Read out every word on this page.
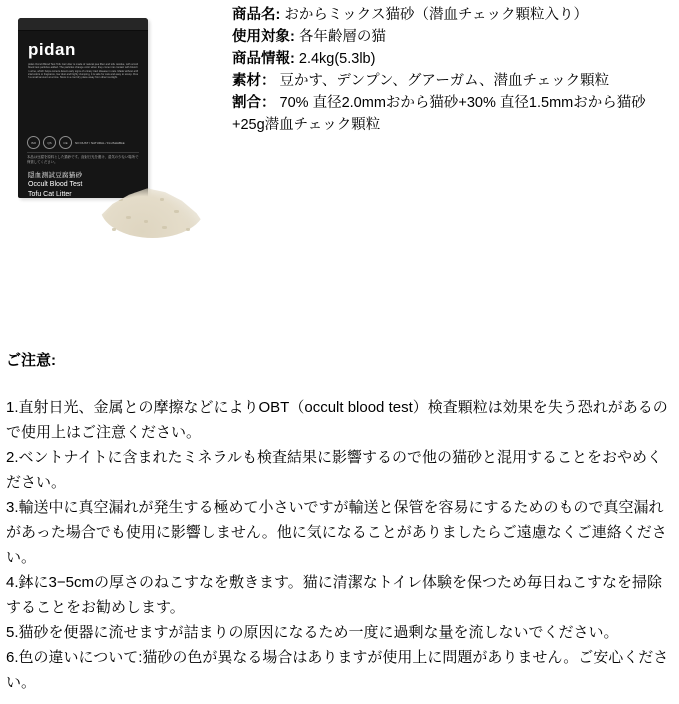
pidan
pidan Occult Blood Test Tofu Cat Litter is made of natural pea fiber and tofu residue, with occult blood test particles added. The particles change color when they come into contact with blood in urine, which helps owners detect early signs of urinary tract disease in cats. Made without artificial colors or fragrance, low dust and highly clumping, it is safe for cats and easy to scoop. Flush a small amount at a time. Store in a cool dry place away from direct sunlight.
ISO	QS	CE	NO DUST / NATURAL / FLUSHABLE
本品は豆腐を原料とした猫砂です。直射日光を避け、湿気の少ない場所で保管してください。
隠血測試豆腐猫砂
Occult Blood Test
Tofu Cat Litter
商品名: おからミックス猫砂（潜血チェック顆粒入り）
使用対象: 各年齢層の猫
商品情報: 2.4kg(5.3lb)
素材： 豆かす、デンプン、グアーガム、潜血チェック顆粒
割合： 70% 直径2.0mmおから猫砂+30% 直径1.5mmおから猫砂+25g潜血チェック顆粒
ご注意:
1.直射日光、金属との摩擦などによりOBT（occult blood test）検査顆粒は効果を失う恐れがあるので使用上はご注意ください。
2.ベントナイトに含まれたミネラルも検査結果に影響するので他の猫砂と混用することをおやめください。
3.輸送中に真空漏れが発生する極めて小さいですが輸送と保管を容易にするためのもので真空漏れがあった場合でも使用に影響しません。他に気になることがありましたらご遠慮なくご連絡ください。
4.鉢に3−5cmの厚さのねこすなを敷きます。猫に清潔なトイレ体験を保つため毎日ねこすなを掃除することをお勧めします。
5.猫砂を便器に流せますが詰まりの原因になるため一度に過剰な量を流しないでください。
6.色の違いについて:猫砂の色が異なる場合はありますが使用上に問題がありません。ご安心ください。
